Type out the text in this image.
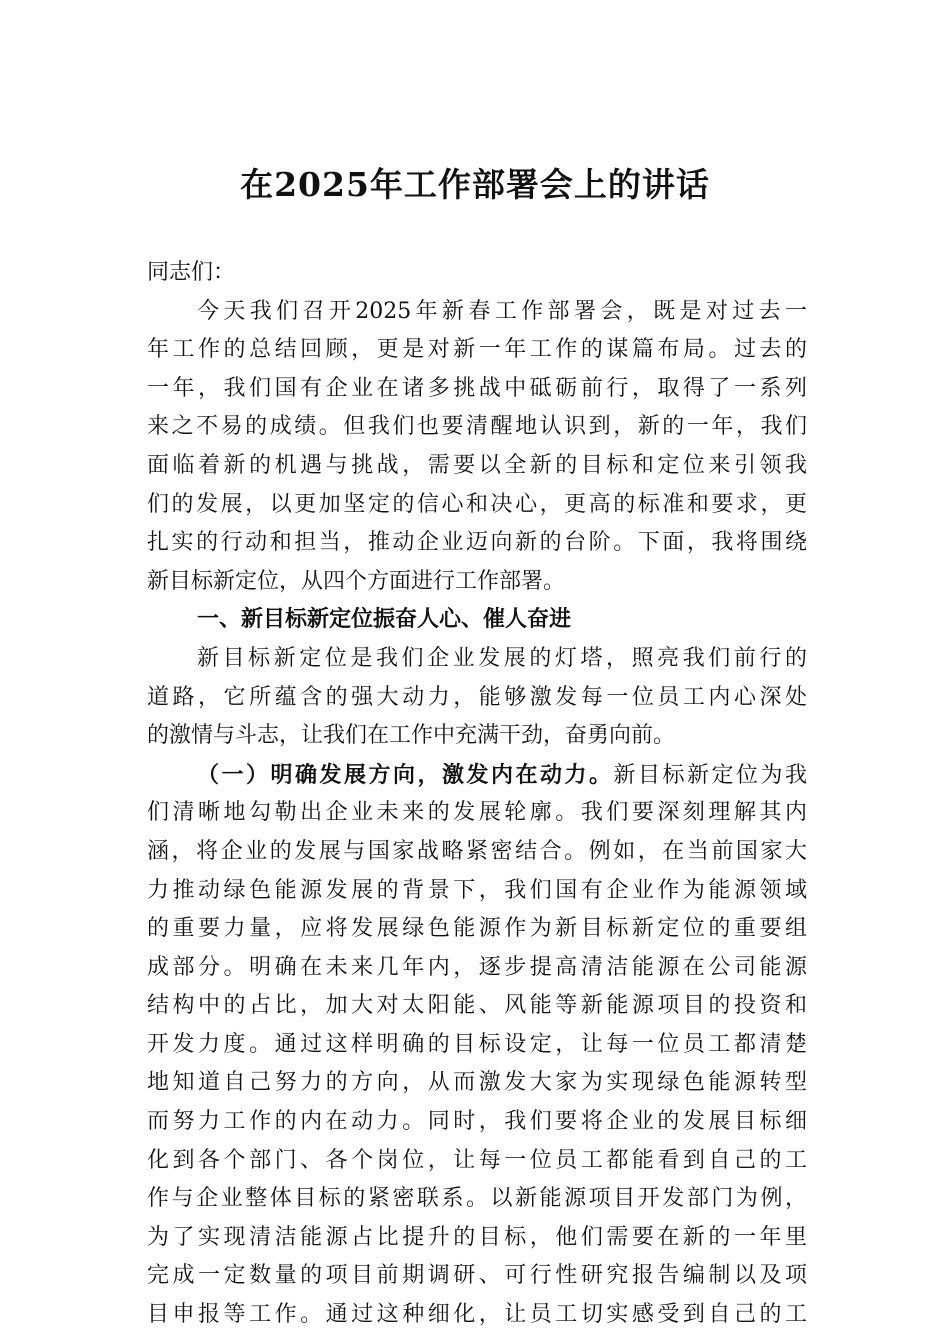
在2025年工作部署会上的讲话
同志们：
今天我们召开2025年新春工作部署会，既是对过去一
年工作的总结回顾，更是对新一年工作的谋篇布局。过去的
一年，我们国有企业在诸多挑战中砥砺前行，取得了一系列
来之不易的成绩。但我们也要清醒地认识到，新的一年，我们
面临着新的机遇与挑战，需要以全新的目标和定位来引领我
们的发展，以更加坚定的信心和决心，更高的标准和要求，更
扎实的行动和担当，推动企业迈向新的台阶。下面，我将围绕
新目标新定位，从四个方面进行工作部署。
一、新目标新定位振奋人心、催人奋进
新目标新定位是我们企业发展的灯塔，照亮我们前行的
道路，它所蕴含的强大动力，能够激发每一位员工内心深处
的激情与斗志，让我们在工作中充满干劲，奋勇向前。
（一）明确发展方向，激发内在动力。新目标新定位为我
们清晰地勾勒出企业未来的发展轮廓。我们要深刻理解其内
涵，将企业的发展与国家战略紧密结合。例如，在当前国家大
力推动绿色能源发展的背景下，我们国有企业作为能源领域
的重要力量，应将发展绿色能源作为新目标新定位的重要组
成部分。明确在未来几年内，逐步提高清洁能源在公司能源
结构中的占比，加大对太阳能、风能等新能源项目的投资和
开发力度。通过这样明确的目标设定，让每一位员工都清楚
地知道自己努力的方向，从而激发大家为实现绿色能源转型
而努力工作的内在动力。同时，我们要将企业的发展目标细
化到各个部门、各个岗位，让每一位员工都能看到自己的工
作与企业整体目标的紧密联系。以新能源项目开发部门为例，
为了实现清洁能源占比提升的目标，他们需要在新的一年里
完成一定数量的项目前期调研、可行性研究报告编制以及项
目申报等工作。通过这种细化，让员工切实感受到自己的工
